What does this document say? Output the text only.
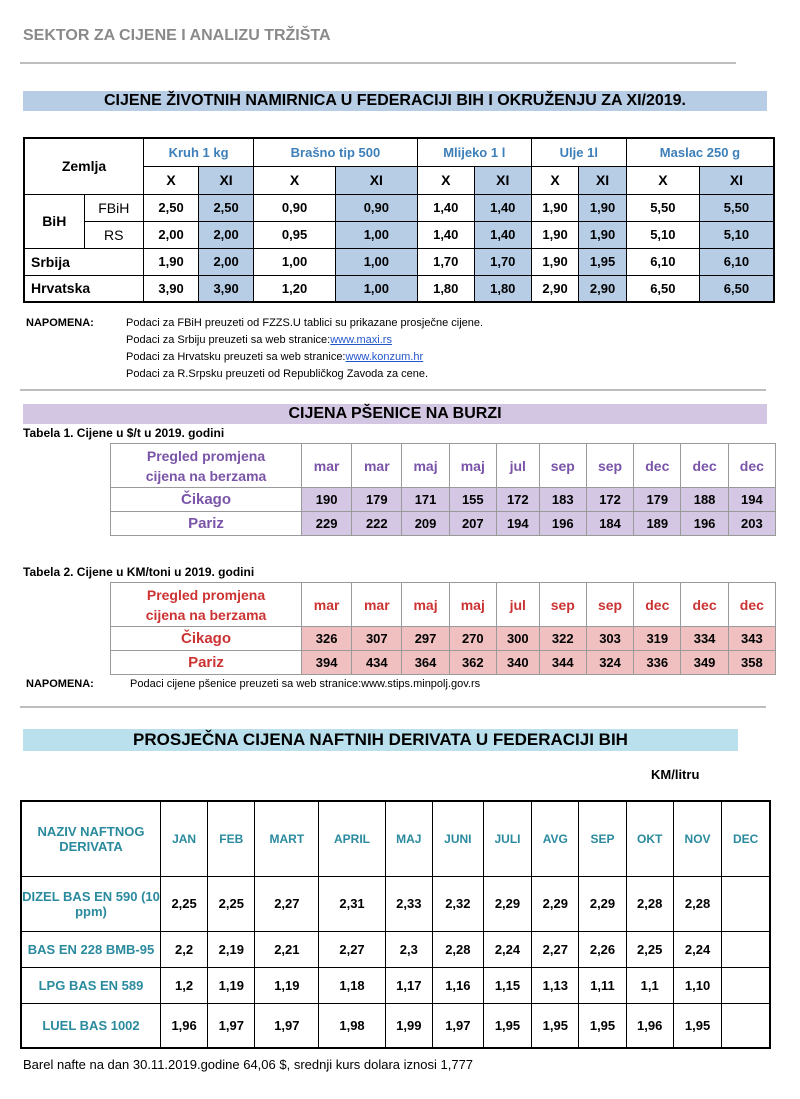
SEKTOR ZA CIJENE I ANALIZU TRŽIŠTA
CIJENE ŽIVOTNIH NAMIRNICA U FEDERACIJI BIH I OKRUŽENJU ZA XI/2019.
Zemlja		Kruh 1 kg		Brašno tip 500		Mlijeko 1 l		Ulje 1l		Maslac 250 g	
		X	XI	X	XI	X	XI	X	XI	X	XI
BiH	FBiH	2,50	2,50	0,90	0,90	1,40	1,40	1,90	1,90	5,50	5,50
	RS	2,00	2,00	0,95	1,00	1,40	1,40	1,90	1,90	5,10	5,10
Srbija		1,90	2,00	1,00	1,00	1,70	1,70	1,90	1,95	6,10	6,10
Hrvatska		3,90	3,90	1,20	1,00	1,80	1,80	2,90	2,90	6,50	6,50
NAPOMENA:	Podaci za FBiH preuzeti od FZZS.U tablici su prikazane prosječne cijene.
Podaci za Srbiju preuzeti sa web stranice:www.maxi.rs
Podaci za Hrvatsku preuzeti sa web stranice:www.konzum.hr
Podaci za R.Srpsku preuzeti od Republičkog Zavoda za cene.
CIJENA PŠENICE NA BURZI
Tabela 1. Cijene u $/t u 2019. godini
Pregled promjena
cijena na berzama	mar	mar	maj	maj	jul	sep	sep	dec	dec	dec
Čikago	190	179	171	155	172	183	172	179	188	194
Pariz	229	222	209	207	194	196	184	189	196	203
Tabela 2. Cijene u KM/toni u 2019. godini
Pregled promjena
cijena na berzama	mar	mar	maj	maj	jul	sep	sep	dec	dec	dec
Čikago	326	307	297	270	300	322	303	319	334	343
Pariz	394	434	364	362	340	344	324	336	349	358
NAPOMENA:	Podaci cijene pšenice preuzeti sa web stranice:www.stips.minpolj.gov.rs
PROSJEČNA CIJENA NAFTNIH DERIVATA U FEDERACIJI BIH
KM/litru
NAZIV NAFTNOG DERIVATA	JAN	FEB	MART	APRIL	MAJ	JUNI	JULI	AVG	SEP	OKT	NOV	DEC
DIZEL BAS EN 590 (10 ppm)	2,25	2,25	2,27	2,31	2,33	2,32	2,29	2,29	2,29	2,28	2,28	
BAS EN 228 BMB-95	2,2	2,19	2,21	2,27	2,3	2,28	2,24	2,27	2,26	2,25	2,24	
LPG BAS EN 589	1,2	1,19	1,19	1,18	1,17	1,16	1,15	1,13	1,11	1,1	1,10	
LUEL BAS 1002	1,96	1,97	1,97	1,98	1,99	1,97	1,95	1,95	1,95	1,96	1,95	
Barel nafte na dan 30.11.2019.godine 64,06 $, srednji kurs dolara iznosi 1,777
